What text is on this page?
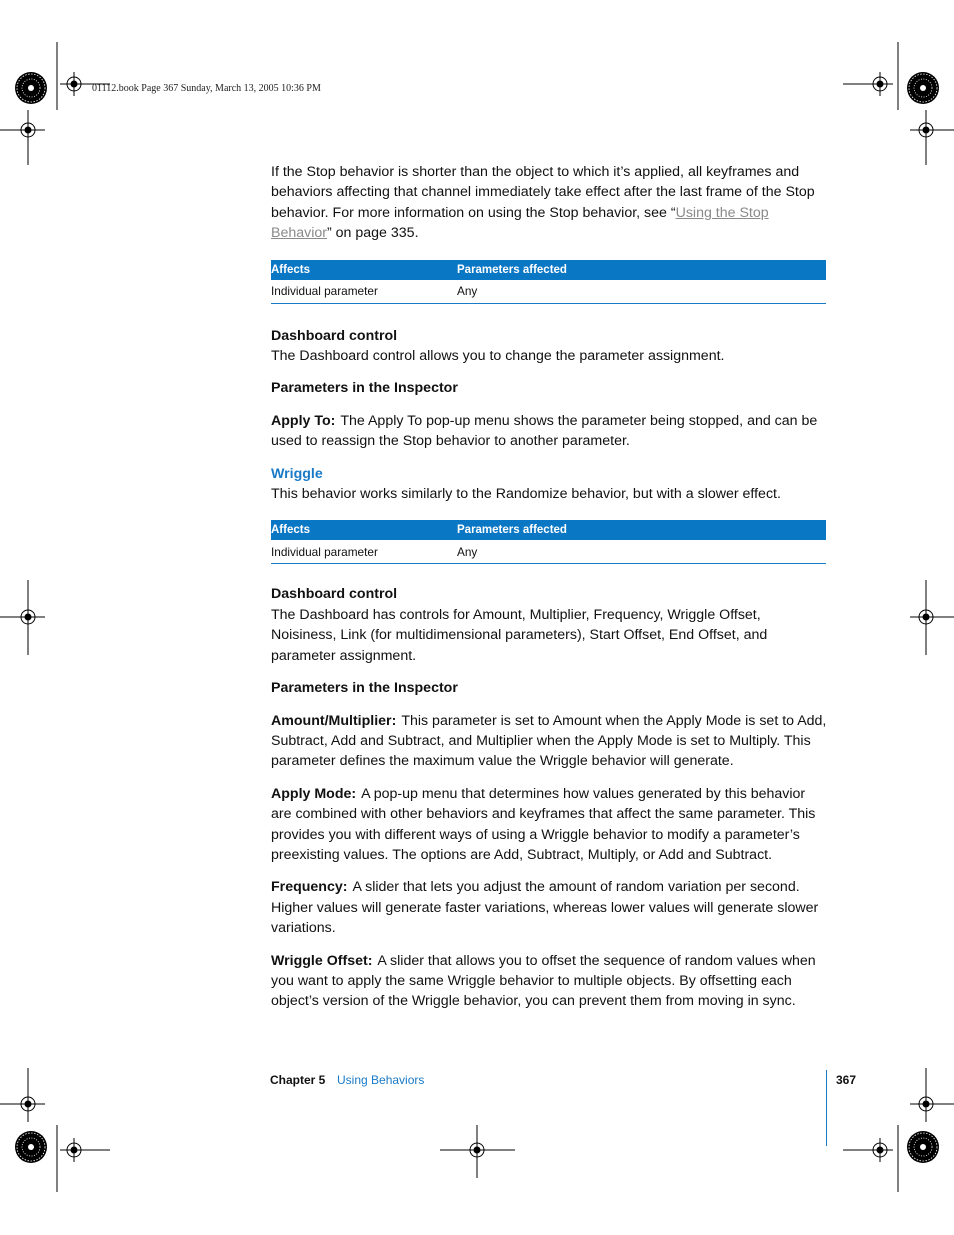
01112.book Page 367 Sunday, March 13, 2005 10:36 PM

If the Stop behavior is shorter than the object to which it’s applied, all keyframes and behaviors affecting that channel immediately take effect after the last frame of the Stop behavior. For more information on using the Stop behavior, see “Using the Stop Behavior” on page 335.

Affects	Parameters affected
Individual parameter	Any

Dashboard control

The Dashboard control allows you to change the parameter assignment.

Parameters in the Inspector

Apply To: The Apply To pop-up menu shows the parameter being stopped, and can be used to reassign the Stop behavior to another parameter.

Wriggle

This behavior works similarly to the Randomize behavior, but with a slower effect.

Affects	Parameters affected
Individual parameter	Any

Dashboard control

The Dashboard has controls for Amount, Multiplier, Frequency, Wriggle Offset, Noisiness, Link (for multidimensional parameters), Start Offset, End Offset, and parameter assignment.

Parameters in the Inspector

Amount/Multiplier: This parameter is set to Amount when the Apply Mode is set to Add, Subtract, Add and Subtract, and Multiplier when the Apply Mode is set to Multiply. This parameter defines the maximum value the Wriggle behavior will generate.

Apply Mode: A pop-up menu that determines how values generated by this behavior are combined with other behaviors and keyframes that affect the same parameter. This provides you with different ways of using a Wriggle behavior to modify a parameter’s preexisting values. The options are Add, Subtract, Multiply, or Add and Subtract.

Frequency: A slider that lets you adjust the amount of random variation per second. Higher values will generate faster variations, whereas lower values will generate slower variations.

Wriggle Offset: A slider that allows you to offset the sequence of random values when you want to apply the same Wriggle behavior to multiple objects. By offsetting each object’s version of the Wriggle behavior, you can prevent them from moving in sync.

Chapter 5 Using Behaviors	367
